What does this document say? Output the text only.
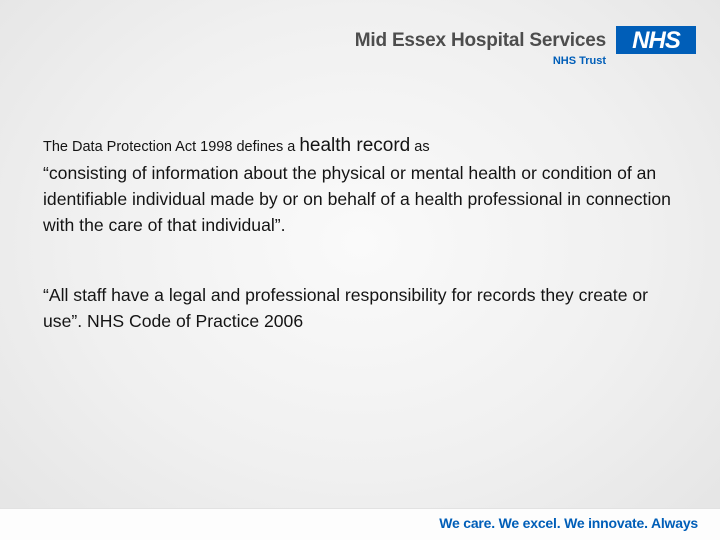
Mid Essex Hospital Services NHS
NHS Trust

The Data Protection Act 1998 defines a health record as
“consisting of information about the physical or mental health or condition of an identifiable individual made by or on behalf of a health professional in connection with the care of that individual”.

“All staff have a legal and professional responsibility for records they create or use”. NHS Code of Practice 2006

We care. We excel. We innovate. Always
